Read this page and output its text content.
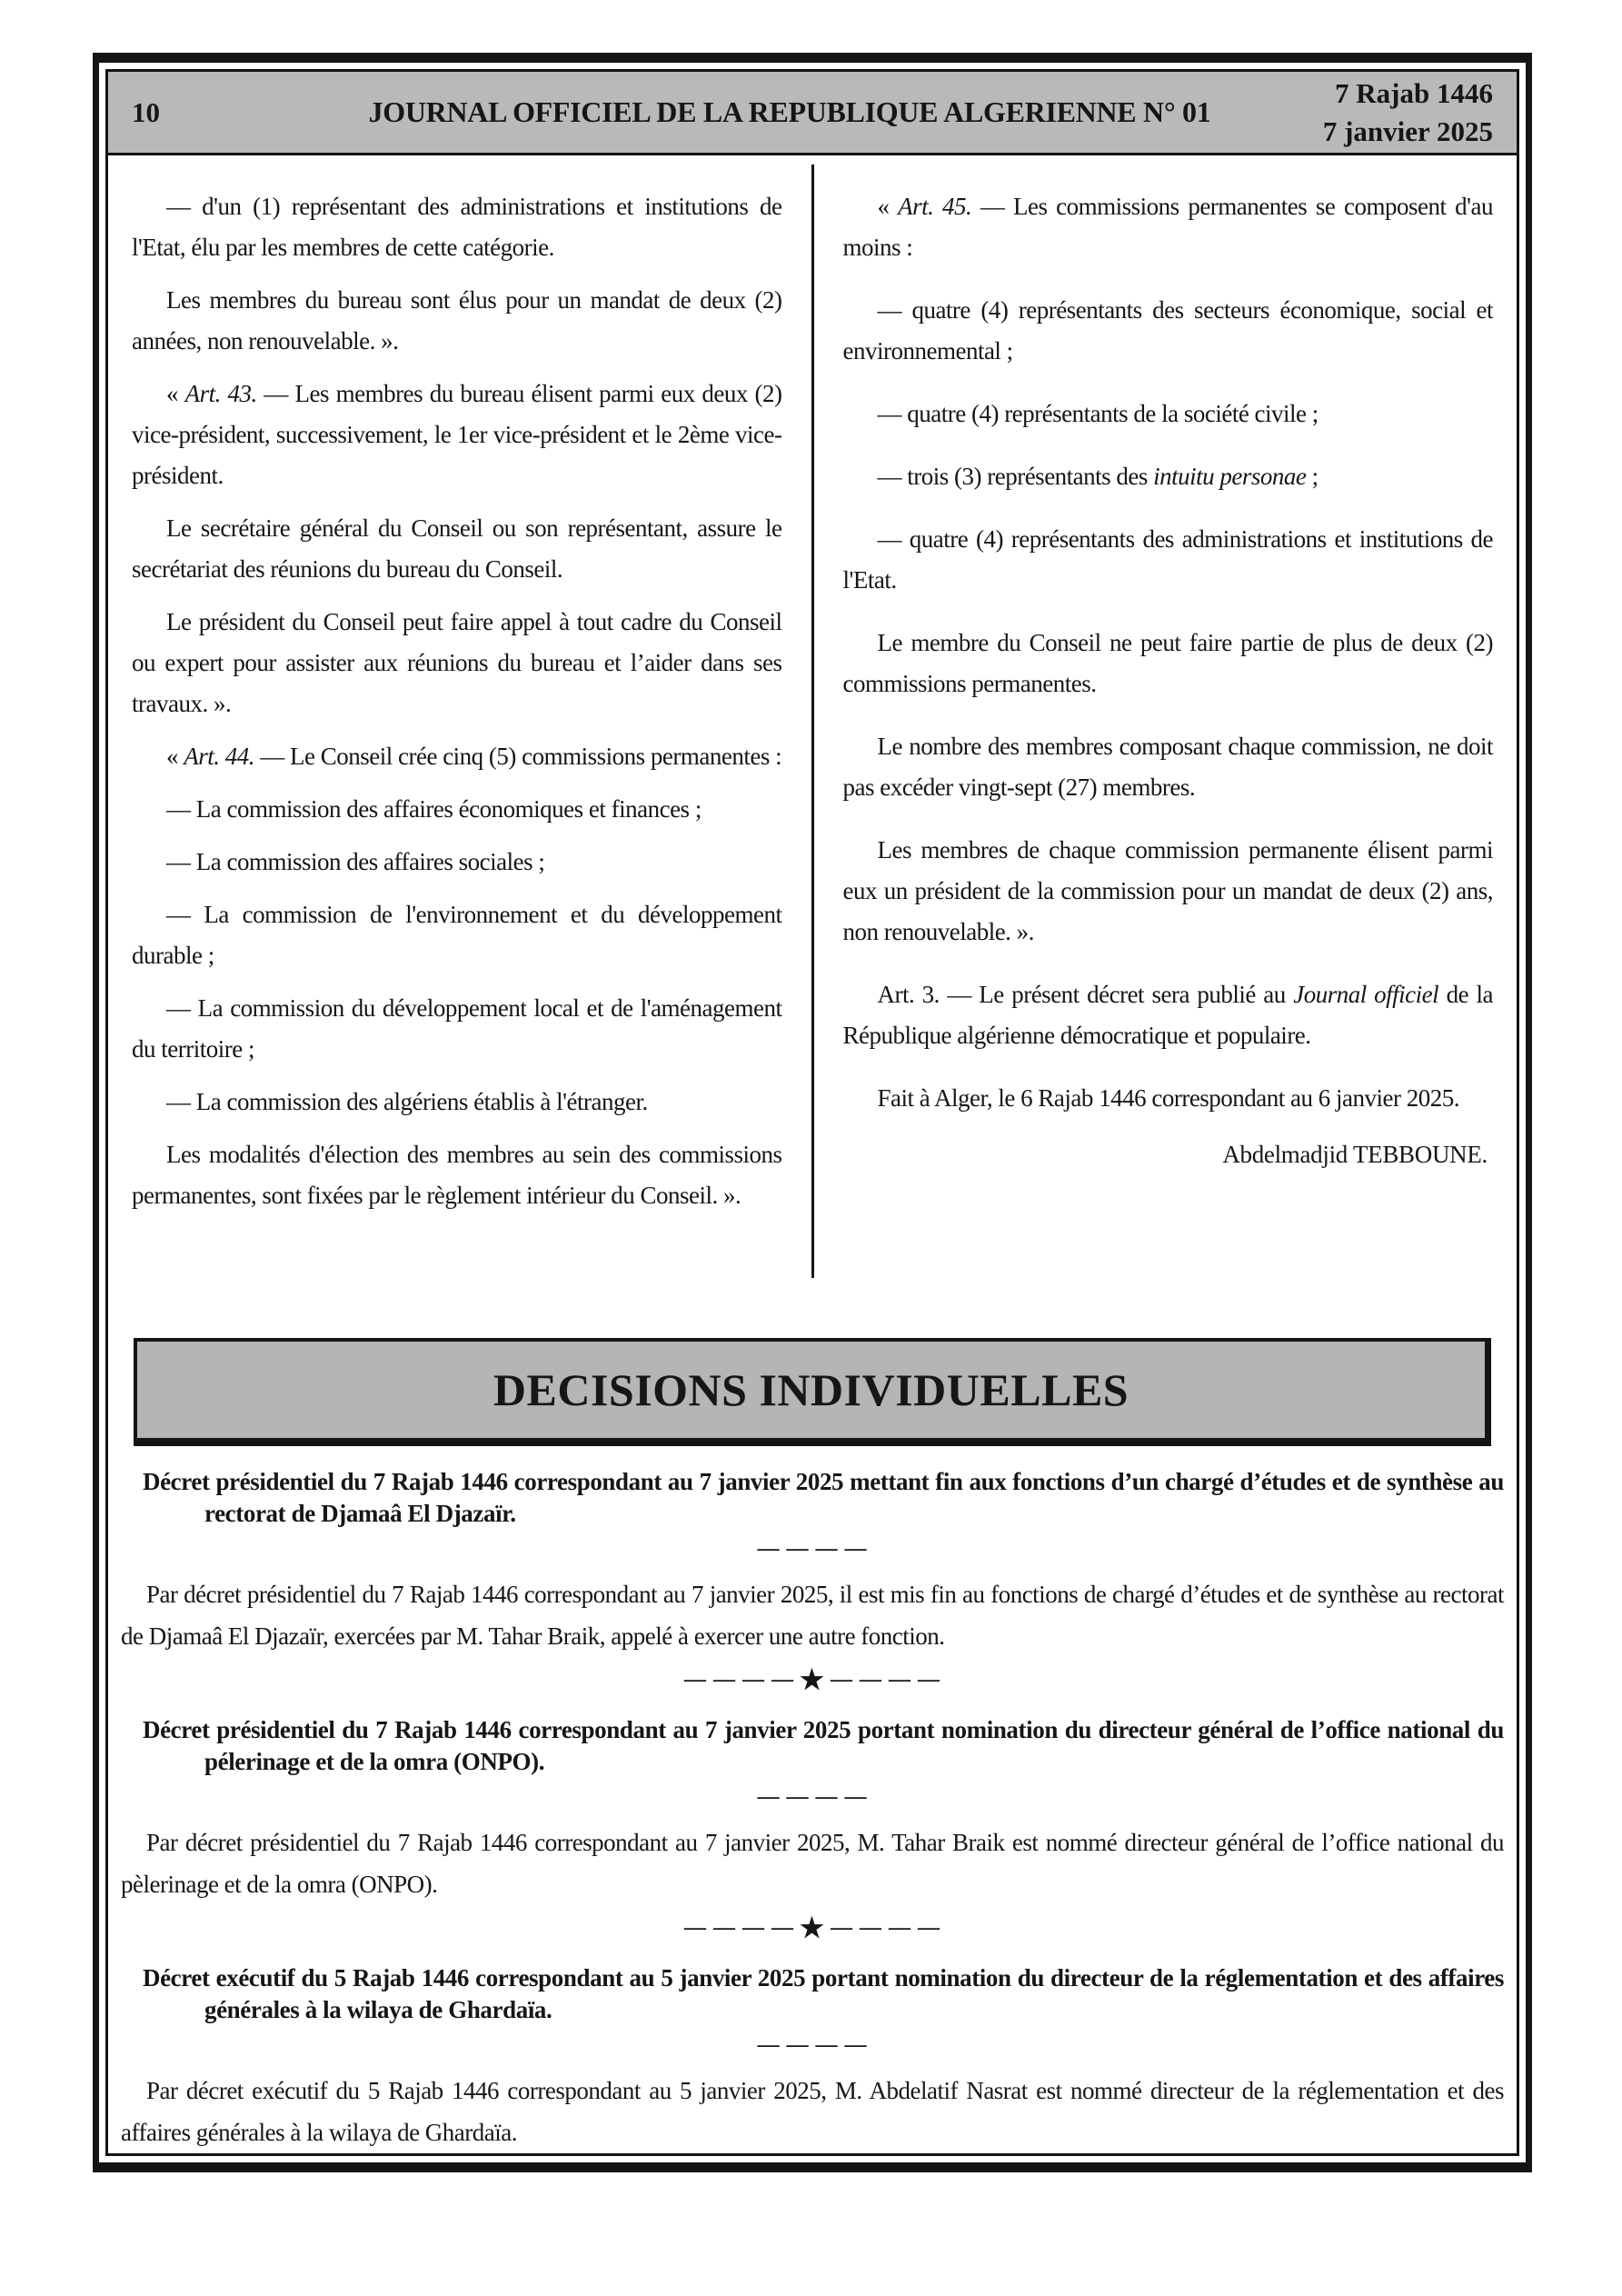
10	JOURNAL OFFICIEL DE LA REPUBLIQUE ALGERIENNE N° 01
7 Rajab 1446
7 janvier 2025

— d'un (1) représentant des administrations et institutions de l'Etat, élu par les membres de cette catégorie.

Les membres du bureau sont élus pour un mandat de deux (2) années, non renouvelable. ».

« Art. 43. — Les membres du bureau élisent parmi eux deux (2) vice-président, successivement, le 1er vice-président et le 2ème vice-président.

Le secrétaire général du Conseil ou son représentant, assure le secrétariat des réunions du bureau du Conseil.

Le président du Conseil peut faire appel à tout cadre du Conseil ou expert pour assister aux réunions du bureau et l’aider dans ses travaux. ».

« Art. 44. — Le Conseil crée cinq (5) commissions permanentes :

— La commission des affaires économiques et finances ;

— La commission des affaires sociales ;

— La commission de l'environnement et du développement durable ;

— La commission du développement local et de l'aménagement du territoire ;

— La commission des algériens établis à l'étranger.

Les modalités d'élection des membres au sein des commissions permanentes, sont fixées par le règlement intérieur du Conseil. ».

« Art. 45. — Les commissions permanentes se composent d'au moins :

— quatre (4) représentants des secteurs économique, social et environnemental ;

— quatre (4) représentants de la société civile ;

— trois (3) représentants des intuitu personae ;

— quatre (4) représentants des administrations et institutions de l'Etat.

Le membre du Conseil ne peut faire partie de plus de deux (2) commissions permanentes.

Le nombre des membres composant chaque commission, ne doit pas excéder vingt-sept (27) membres.

Les membres de chaque commission permanente élisent parmi eux un président de la commission pour un mandat de deux (2) ans, non renouvelable. ».

Art. 3. — Le présent décret sera publié au Journal officiel de la République algérienne démocratique et populaire.

Fait à Alger, le 6 Rajab 1446 correspondant au 6 janvier 2025.

Abdelmadjid TEBBOUNE.
DECISIONS INDIVIDUELLES

Décret présidentiel du 7 Rajab 1446 correspondant au 7 janvier 2025 mettant fin aux fonctions d’un chargé d’études et de synthèse au rectorat de Djamaâ El Djazaïr.

— — — —

Par décret présidentiel du 7 Rajab 1446 correspondant au 7 janvier 2025, il est mis fin au fonctions de chargé d’études et de synthèse au rectorat de Djamaâ El Djazaïr, exercées par M. Tahar Braik, appelé à exercer une autre fonction.

— — — — ★ — — — —

Décret présidentiel du 7 Rajab 1446 correspondant au 7 janvier 2025 portant nomination du directeur général de l’office national du pélerinage et de la omra (ONPO).

— — — —

Par décret présidentiel du 7 Rajab 1446 correspondant au 7 janvier 2025, M. Tahar Braik est nommé directeur général de l’office national du pèlerinage et de la omra (ONPO).

— — — — ★ — — — —

Décret exécutif du 5 Rajab 1446 correspondant au 5 janvier 2025 portant nomination du directeur de la réglementation et des affaires générales à la wilaya de Ghardaïa.

— — — —

Par décret exécutif du 5 Rajab 1446 correspondant au 5 janvier 2025, M. Abdelatif Nasrat est nommé directeur de la réglementation et des affaires générales à la wilaya de Ghardaïa.
